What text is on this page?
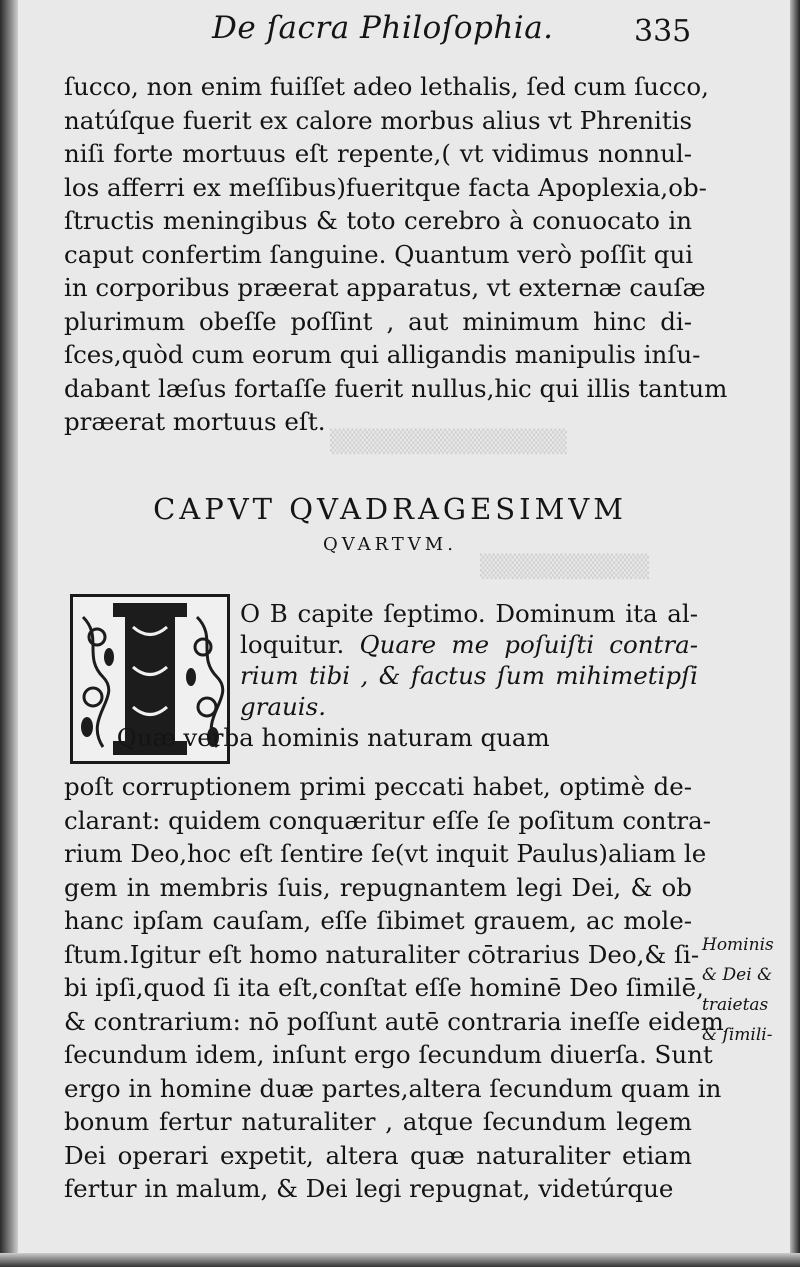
▒▒▒▒▒▒▒▒▒▒▒▒▒▒
▒▒▒▒▒▒▒▒▒▒
De ſacra Philoſophia.	335
ſucco, non enim fuiſſet adeo lethalis, ſed cum ſucco,
natúſque fuerit ex calore morbus alius vt Phrenitis
niſi forte mortuus eſt repente,( vt vidimus nonnul-
los afferri ex meſſibus)fueritque facta Apoplexia,ob-
ſtructis meningibus & toto cerebro à conuocato in
caput confertim ſanguine. Quantum verò poſſit qui
in corporibus præerat apparatus, vt externæ cauſæ
plurimum obeſſe poſſint , aut minimum hinc di-
ſces,quòd cum eorum qui alligandis manipulis inſu-
dabant læſus fortaſſe fuerit nullus,hic qui illis tantum
præerat mortuus eſt.
CAPVT QVADRAGESIMVM
QVARTVM.
O B capite ſeptimo. Dominum ita al-
loquitur. Quare me poſuiſti contra-
rium tibi , & factus ſum mihimetipſi
grauis.
Quæ verba hominis naturam quam
poſt corruptionem primi peccati habet, optimè de-
clarant: quidem conquæritur eſſe ſe poſitum contra-
rium Deo,hoc eſt ſentire ſe(vt inquit Paulus)aliam le
gem in membris ſuis, repugnantem legi Dei, & ob
hanc ipſam cauſam, eſſe ſibimet grauem, ac mole-
ſtum.Igitur eſt homo naturaliter cōtrarius Deo,& ſi-
bi ipſi,quod ſi ita eſt,conſtat eſſe hominē Deo ſimilē,
& contrarium: nō poſſunt autē contraria ineſſe eidem
ſecundum idem, inſunt ergo ſecundum diuerſa. Sunt
ergo in homine duæ partes,altera ſecundum quam in
bonum fertur naturaliter , atque ſecundum legem
Dei operari expetit, altera quæ naturaliter etiam
fertur in malum, & Dei legi repugnat, videtúrque
Hominis
& Dei &
traietas
& ſimili-
